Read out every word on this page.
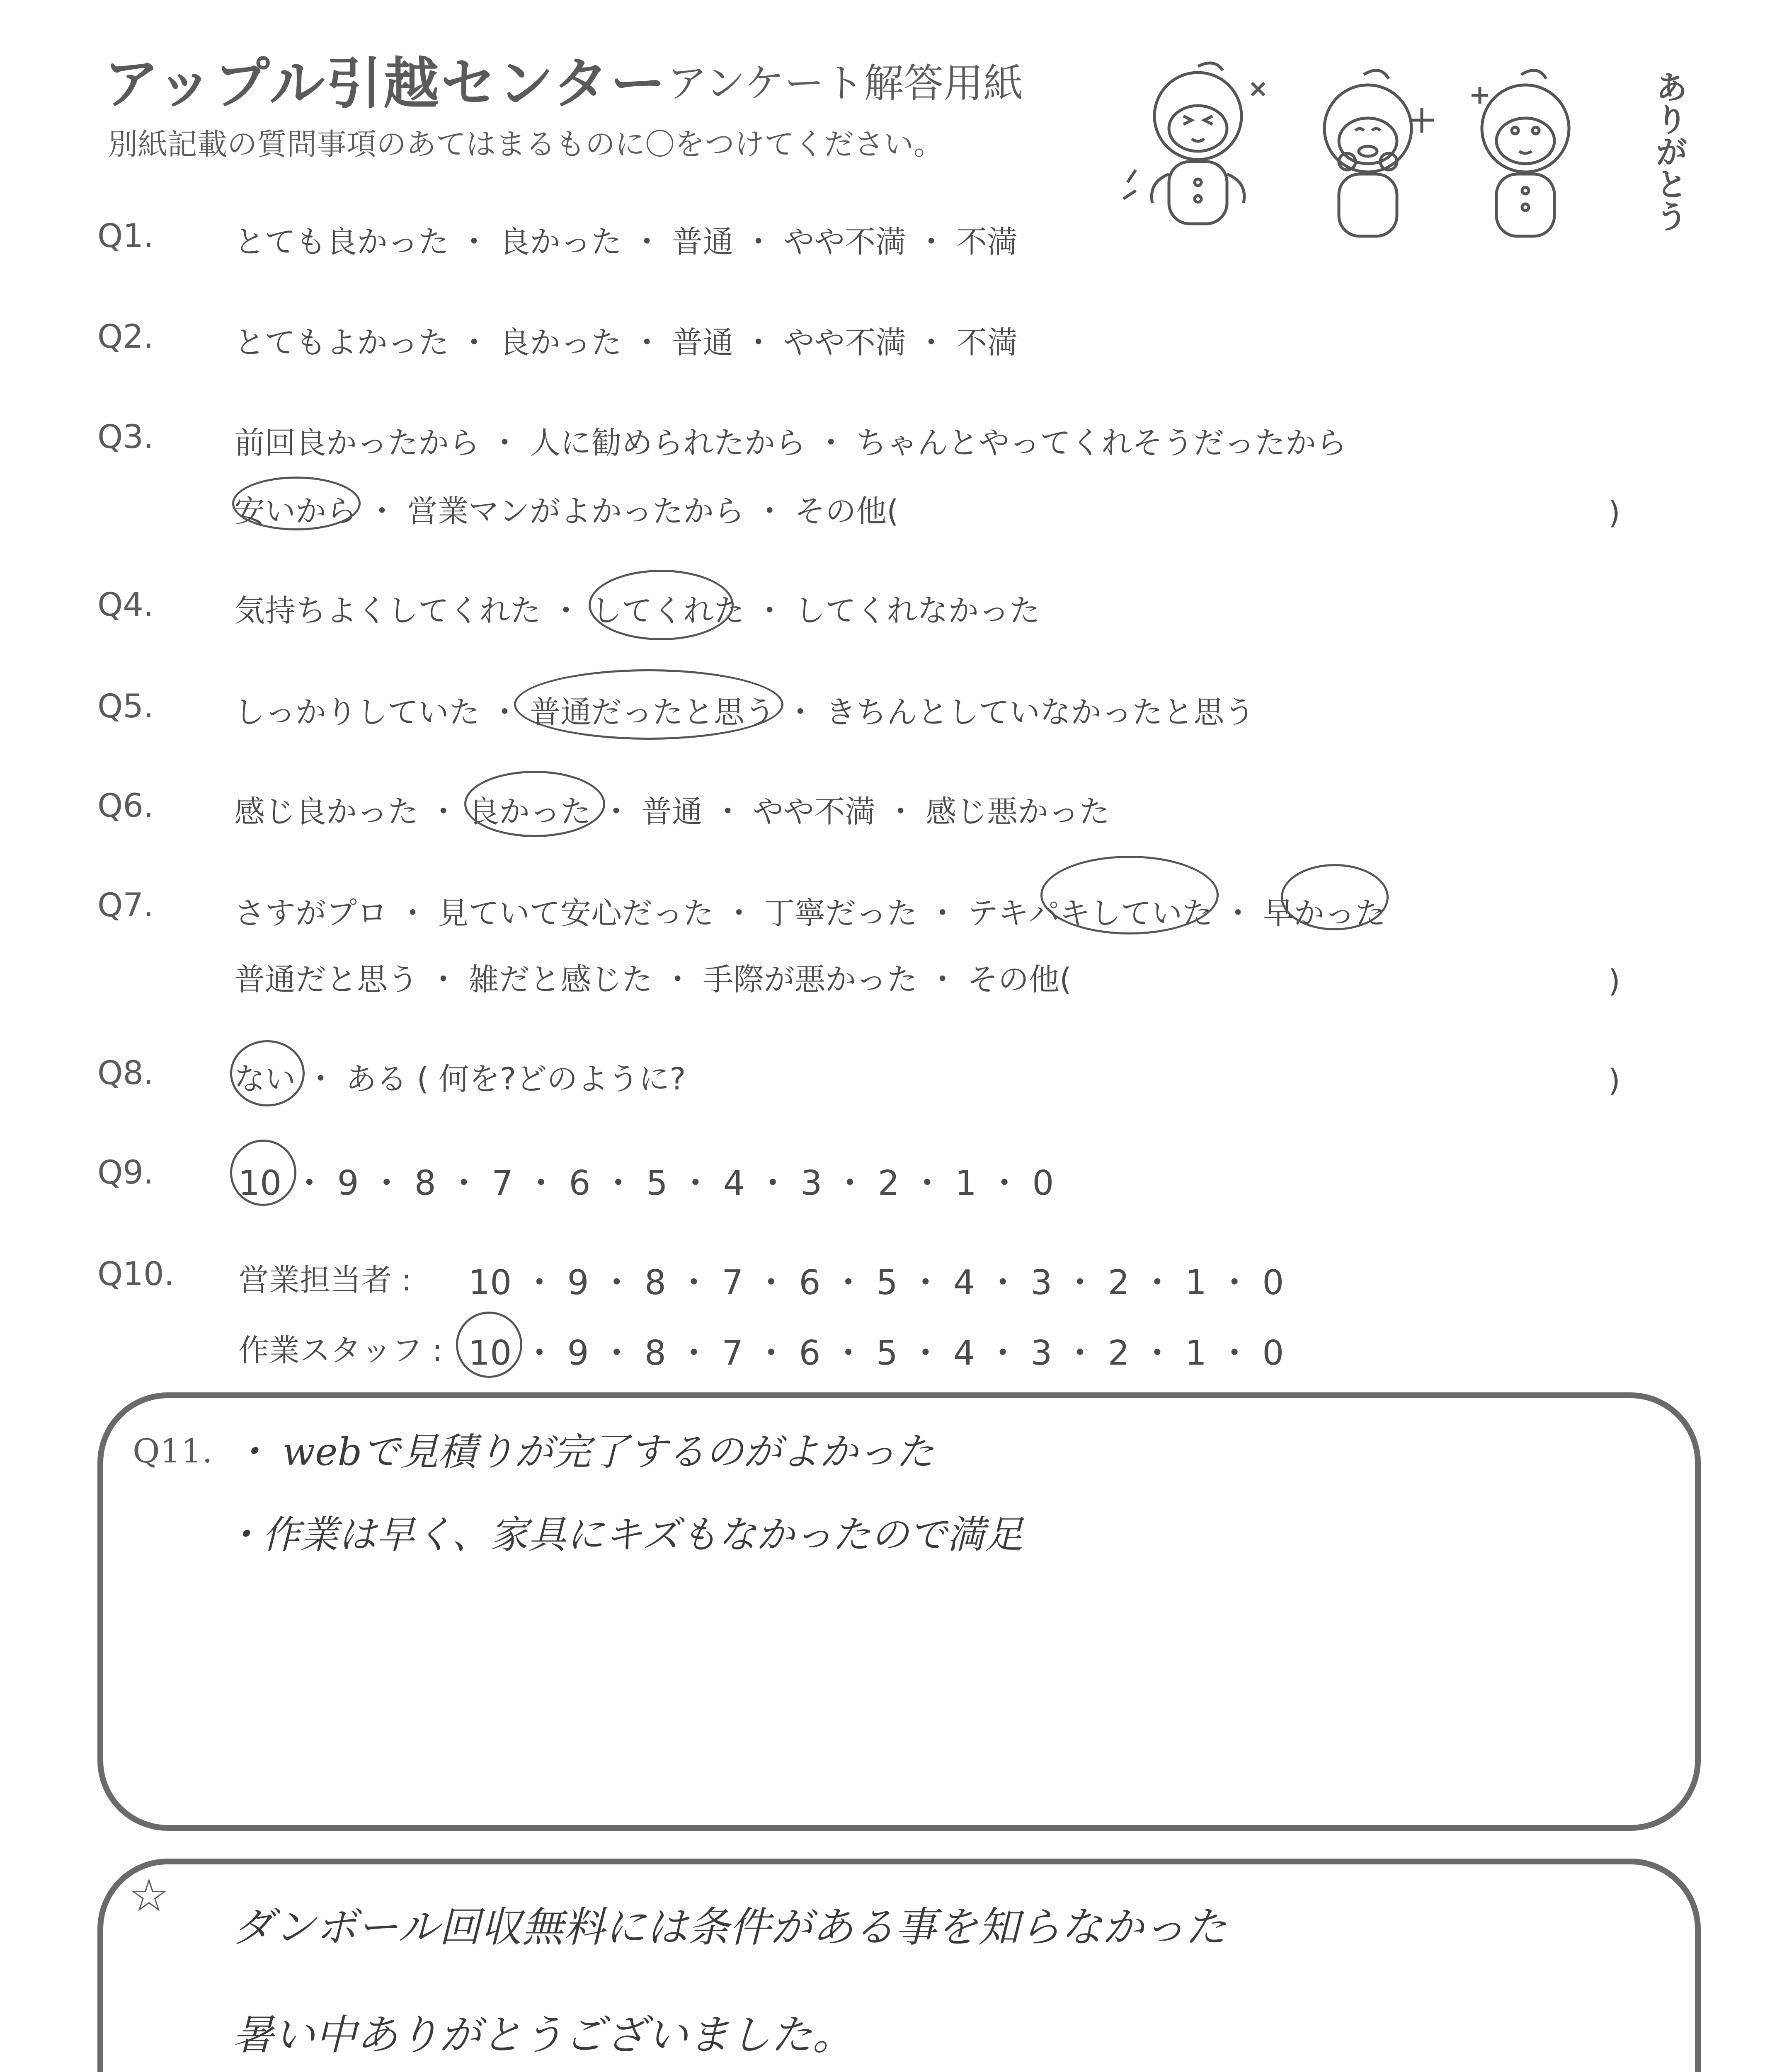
アップル引越センター アンケート解答用紙
別紙記載の質問事項のあてはまるものに〇をつけてください。	ありがとう
Q1.	とても良かった ・ 良かった ・ 普通 ・ やや不満 ・ 不満
Q2.	とてもよかった ・ 良かった ・ 普通 ・ やや不満 ・ 不満
Q3.	前回良かったから ・ 人に勧められたから ・ ちゃんとやってくれそうだったから
安いから ・ 営業マンがよかったから ・ その他(	)
Q4.	気持ちよくしてくれた ・ してくれた ・ してくれなかった
Q5.	しっかりしていた ・ 普通だったと思う ・ きちんとしていなかったと思う
Q6.	感じ良かった ・ 良かった ・ 普通 ・ やや不満 ・ 感じ悪かった
Q7.	さすがプロ ・ 見ていて安心だった ・ 丁寧だった ・ テキパキしていた ・ 早かった
普通だと思う ・ 雑だと感じた ・ 手際が悪かった ・ その他(	)
Q8.	ない ・ ある ( 何を?どのように?	)
Q9. 10 ・ 9 ・ 8 ・ 7 ・ 6 ・ 5 ・ 4 ・ 3 ・ 2 ・ 1 ・ 0
Q10. 営業担当者 : 10 ・ 9 ・ 8 ・ 7 ・ 6 ・ 5 ・ 4 ・ 3 ・ 2 ・ 1 ・ 0
作業スタッフ : 10 ・ 9 ・ 8 ・ 7 ・ 6 ・ 5 ・ 4 ・ 3 ・ 2 ・ 1 ・ 0
Q11. ・ webで見積りが完了するのがよかった
・作業は早く、家具にキズもなかったので満足
☆
ダンボール回収無料には条件がある事を知らなかった
暑い中ありがとうございました。
